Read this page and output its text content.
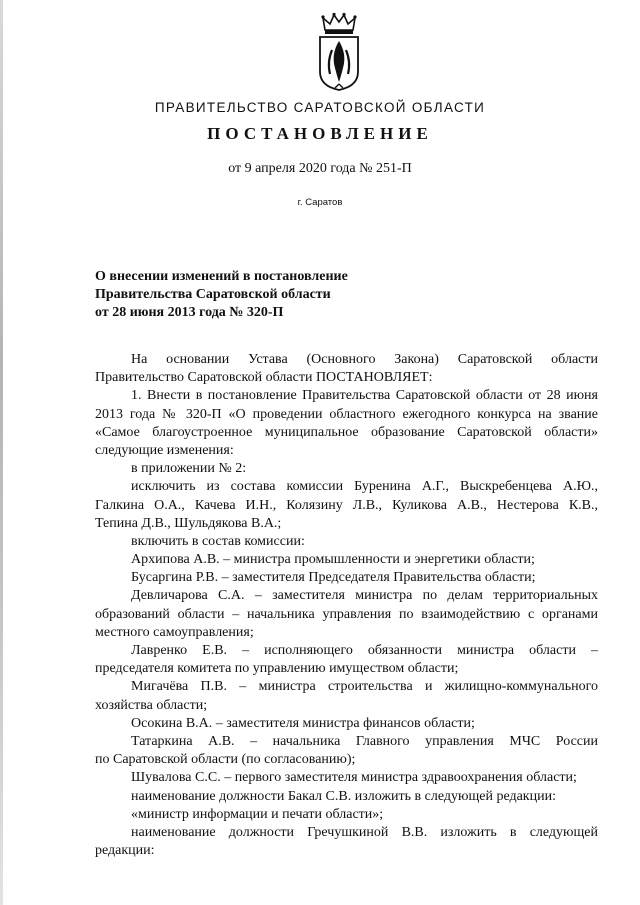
ПРАВИТЕЛЬСТВО САРАТОВСКОЙ ОБЛАСТИ
ПОСТАНОВЛЕНИЕ
от 9 апреля 2020 года № 251-П
г. Саратов
О внесении изменений в постановление
Правительства Саратовской области
от 28 июня 2013 года № 320-П
На основании Устава (Основного Закона) Саратовской области
Правительство Саратовской области ПОСТАНОВЛЯЕТ:
1. Внести в постановление Правительства Саратовской области от 28 июня
2013 года № 320-П «О проведении областного ежегодного конкурса на звание
«Самое благоустроенное муниципальное образование Саратовской области»
следующие изменения:
в приложении № 2:
исключить из состава комиссии Буренина А.Г., Выскребенцева А.Ю.,
Галкина О.А., Качева И.Н., Колязину Л.В., Куликова А.В., Нестерова К.В.,
Тепина Д.В., Шульдякова В.А.;
включить в состав комиссии:
Архипова А.В. – министра промышленности и энергетики области;
Бусаргина Р.В. – заместителя Председателя Правительства области;
Девличарова С.А. – заместителя министра по делам территориальных
образований области – начальника управления по взаимодействию с органами
местного самоуправления;
Лавренко Е.В. – исполняющего обязанности министра области –
председателя комитета по управлению имуществом области;
Мигачёва П.В. – министра строительства и жилищно-коммунального
хозяйства области;
Осокина В.А. – заместителя министра финансов области;
Татаркина А.В. – начальника Главного управления МЧС России
по Саратовской области (по согласованию);
Шувалова С.С. – первого заместителя министра здравоохранения области;
наименование должности Бакал С.В. изложить в следующей редакции:
«министр информации и печати области»;
наименование должности Гречушкиной В.В. изложить в следующей
редакции:
